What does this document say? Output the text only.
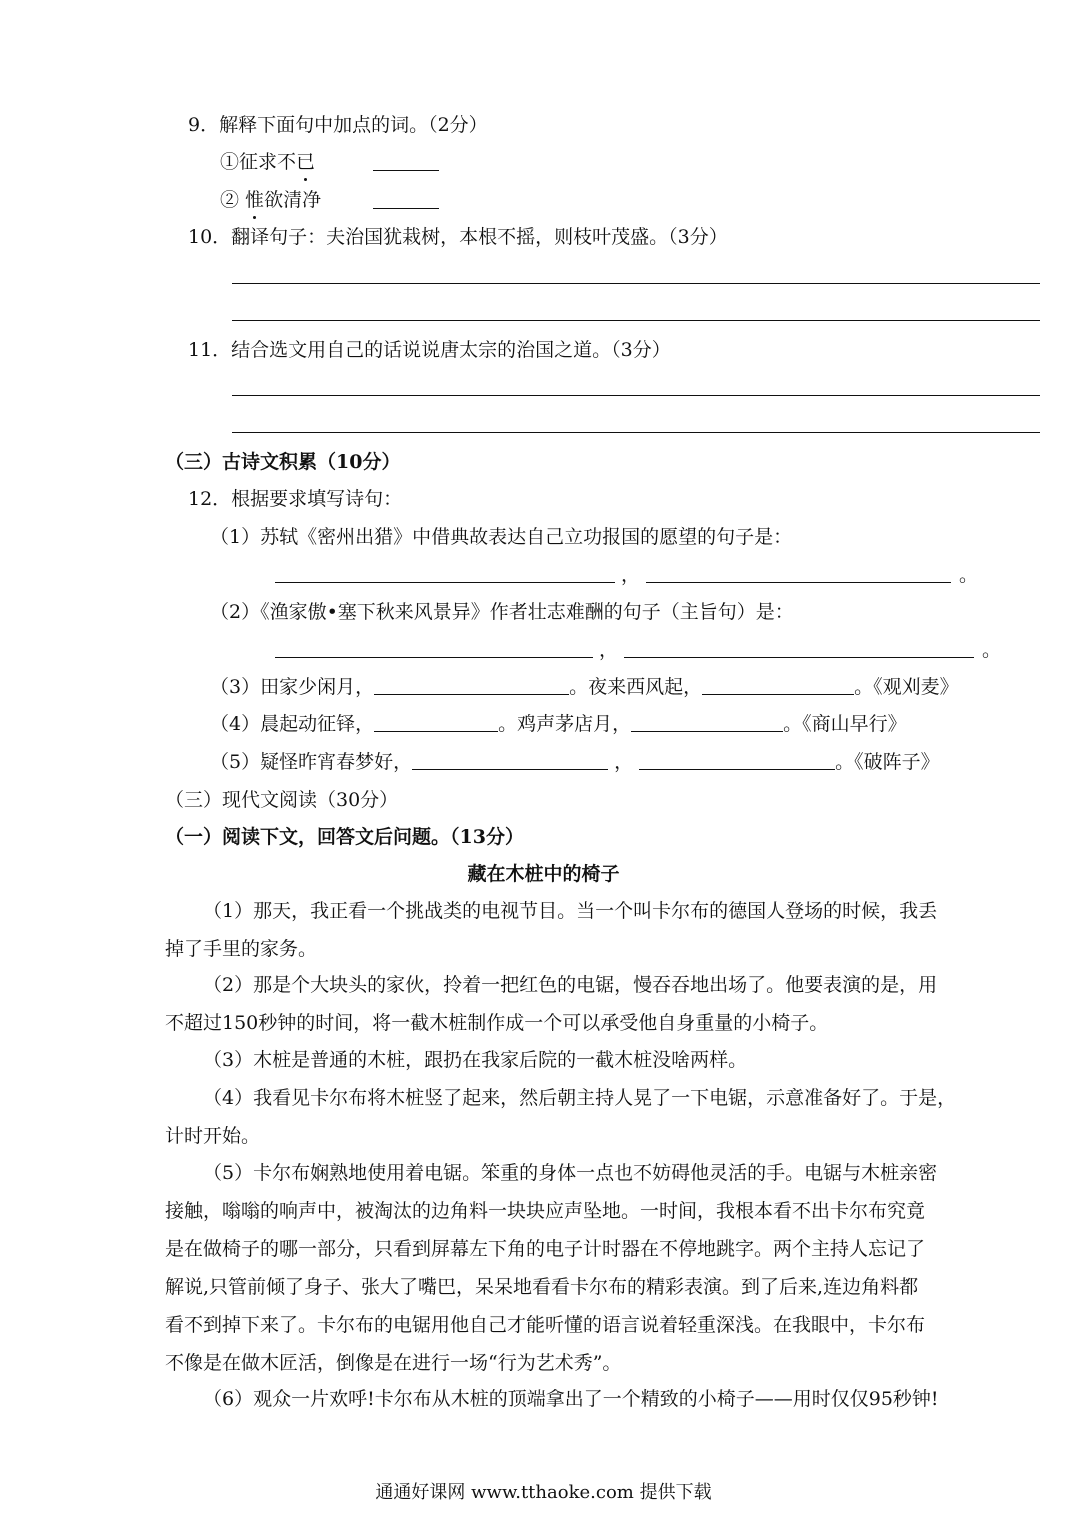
9．解释下面句中加点的词。（2分）
①征求不已
② 惟欲清净
10．翻译句子：夫治国犹栽树，本根不摇，则枝叶茂盛。（3分）
11．结合选文用自己的话说说唐太宗的治国之道。（3分）
（三）古诗文积累（10分）
12．根据要求填写诗句：
（1）苏轼《密州出猎》中借典故表达自己立功报国的愿望的句子是：
，	。
（2）《渔家傲•塞下秋来风景异》作者壮志难酬的句子（主旨句）是：
，	。
（3）田家少闲月，	。夜来西风起，	。《观刈麦》
（4）晨起动征铎，	。鸡声茅店月，	。《商山早行》
（5）疑怪昨宵春梦好，	，	。《破阵子》
（三）现代文阅读（30分）
（一）阅读下文，回答文后问题。（13分）
藏在木桩中的椅子
（1）那天，我正看一个挑战类的电视节目。当一个叫卡尔布的德国人登场的时候，我丢
掉了手里的家务。
（2）那是个大块头的家伙，拎着一把红色的电锯，慢吞吞地出场了。他要表演的是，用
不超过150秒钟的时间，将一截木桩制作成一个可以承受他自身重量的小椅子。
（3）木桩是普通的木桩，跟扔在我家后院的一截木桩没啥两样。
（4）我看见卡尔布将木桩竖了起来，然后朝主持人晃了一下电锯，示意准备好了。于是，
计时开始。
（5）卡尔布娴熟地使用着电锯。笨重的身体一点也不妨碍他灵活的手。电锯与木桩亲密
接触，嗡嗡的响声中，被淘汰的边角料一块块应声坠地。一时间，我根本看不出卡尔布究竟
是在做椅子的哪一部分，只看到屏幕左下角的电子计时器在不停地跳字。两个主持人忘记了
解说,只管前倾了身子、张大了嘴巴，呆呆地看看卡尔布的精彩表演。到了后来,连边角料都
看不到掉下来了。卡尔布的电锯用他自己才能听懂的语言说着轻重深浅。在我眼中，卡尔布
不像是在做木匠活，倒像是在进行一场“行为艺术秀”。
（6）观众一片欢呼!卡尔布从木桩的顶端拿出了一个精致的小椅子——用时仅仅95秒钟!
通通好课网 www.tthaoke.com 提供下载
